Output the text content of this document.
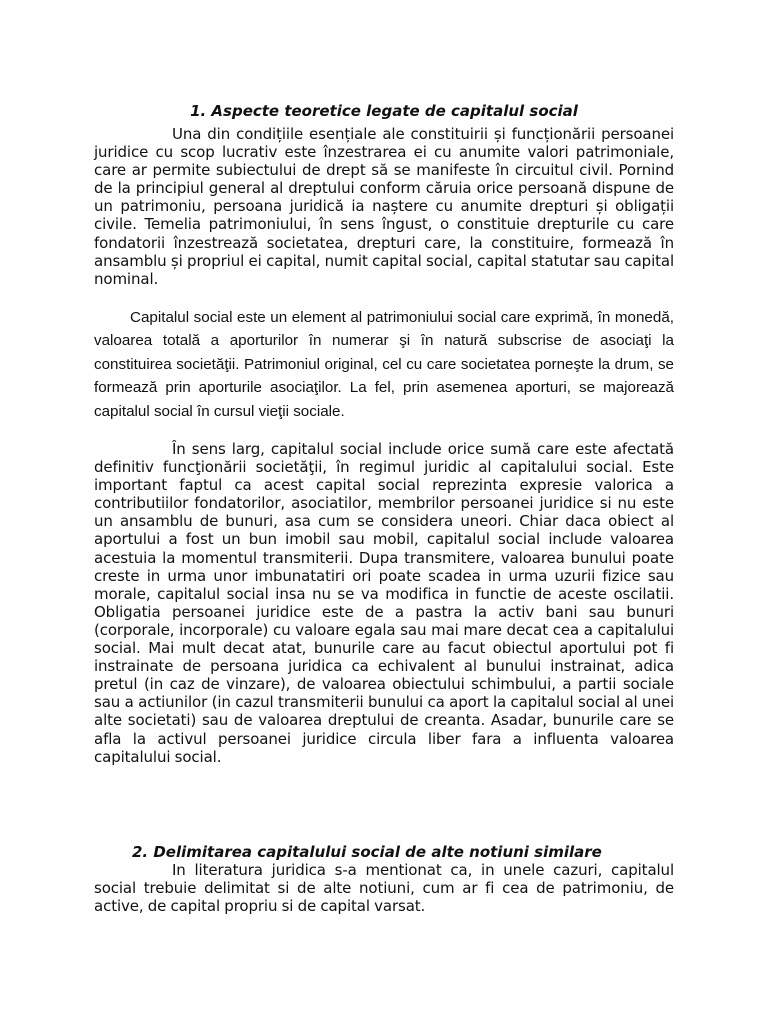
1. Aspecte teoretice legate de capitalul social

Una din condițiile esențiale ale constituirii și funcționării persoanei juridice cu scop lucrativ este înzestrarea ei cu anumite valori patrimoniale, care ar permite subiectului de drept să se manifeste în circuitul civil. Pornind de la principiul general al dreptului conform căruia orice persoană dispune de un patrimoniu, persoana juridică ia naștere cu anumite drepturi și obligații civile. Temelia patrimoniului, în sens îngust, o constituie drepturile cu care fondatorii înzestrează societatea, drepturi care, la constituire, formează în ansamblu și propriul ei capital, numit capital social, capital statutar sau capital nominal.

Capitalul social este un element al patrimoniului social care exprimă, în monedă, valoarea totală a aporturilor în numerar şi în natură subscrise de asociaţi la constituirea societăţii. Patrimoniul original, cel cu care societatea porneşte la drum, se formează prin aporturile asociaţilor. La fel, prin asemenea aporturi, se majorează capitalul social în cursul vieţii sociale.

În sens larg, capitalul social include orice sumă care este afectată definitiv funcţionării societăţii, în regimul juridic al capitalului social. Este important faptul ca acest capital social reprezinta expresie valorica a contributiilor fondatorilor, asociatilor, membrilor persoanei juridice si nu este un ansamblu de bunuri, asa cum se considera uneori. Chiar daca obiect al aportului a fost un bun imobil sau mobil, capitalul social include valoarea acestuia la momentul transmiterii. Dupa transmitere, valoarea bunului poate creste in urma unor imbunatatiri ori poate scadea in urma uzurii fizice sau morale, capitalul social insa nu se va modifica in functie de aceste oscilatii. Obligatia persoanei juridice este de a pastra la activ bani sau bunuri (corporale, incorporale) cu valoare egala sau mai mare decat cea a capitalului social. Mai mult decat atat, bunurile care au facut obiectul aportului pot fi instrainate de persoana juridica ca echivalent al bunului instrainat, adica pretul (in caz de vinzare), de valoarea obiectului schimbului, a partii sociale sau a actiunilor (in cazul transmiterii bunului ca aport la capitalul social al unei alte societati) sau de valoarea dreptului de creanta. Asadar, bunurile care se afla la activul persoanei juridice circula liber fara a influenta valoarea capitalului social.

2. Delimitarea capitalului social de alte notiuni similare

In literatura juridica s-a mentionat ca, in unele cazuri, capitalul social trebuie delimitat si de alte notiuni, cum ar fi cea de patrimoniu, de active, de capital propriu si de capital varsat.
